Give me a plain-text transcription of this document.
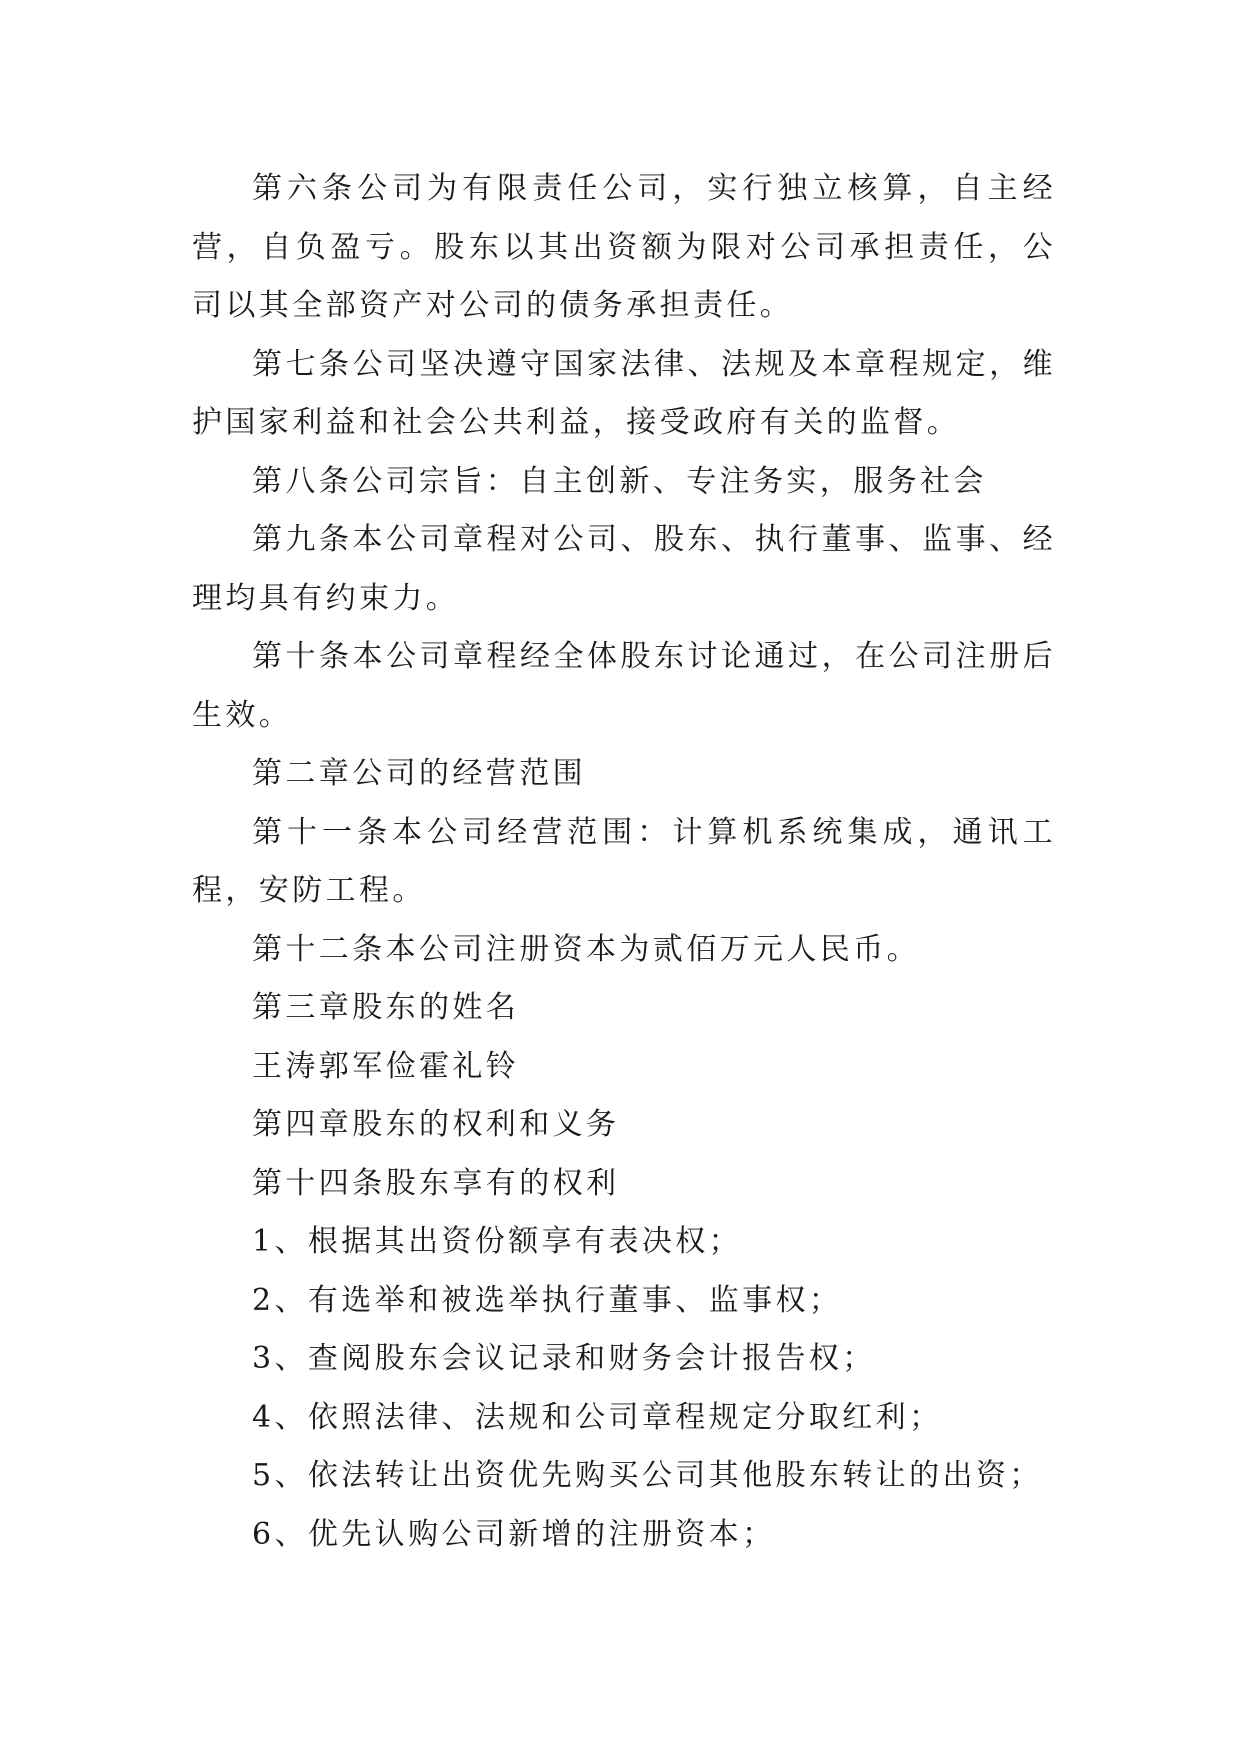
第六条公司为有限责任公司，实行独立核算，自主经营，自负盈亏。股东以其出资额为限对公司承担责任，公司以其全部资产对公司的债务承担责任。

第七条公司坚决遵守国家法律、法规及本章程规定，维护国家利益和社会公共利益，接受政府有关的监督。

第八条公司宗旨：自主创新、专注务实，服务社会

第九条本公司章程对公司、股东、执行董事、监事、经理均具有约束力。

第十条本公司章程经全体股东讨论通过，在公司注册后生效。

第二章公司的经营范围

第十一条本公司经营范围：计算机系统集成，通讯工程，安防工程。

第十二条本公司注册资本为贰佰万元人民币。

第三章股东的姓名

王涛郭军俭霍礼铃

第四章股东的权利和义务

第十四条股东享有的权利

1、根据其出资份额享有表决权；

2、有选举和被选举执行董事、监事权；

3、查阅股东会议记录和财务会计报告权；

4、依照法律、法规和公司章程规定分取红利；

5、依法转让出资优先购买公司其他股东转让的出资；

6、优先认购公司新增的注册资本；
